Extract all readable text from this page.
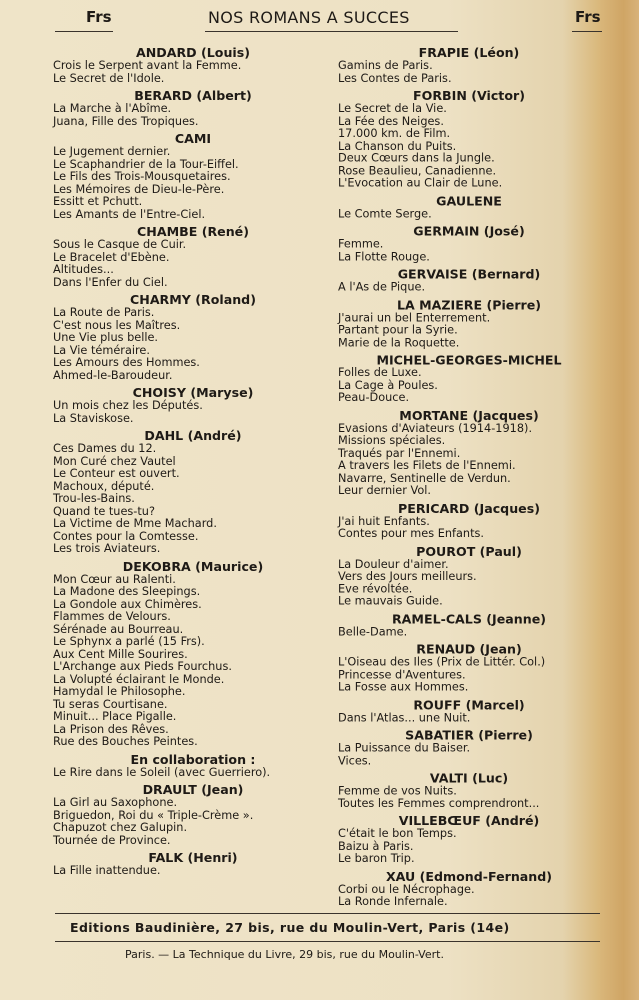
Frs	NOS ROMANS A SUCCES	Frs
ANDARD (Louis)
Crois le Serpent avant la Femme.
Le Secret de l'Idole.
BERARD (Albert)
La Marche à l'Abîme.
Juana, Fille des Tropiques.
CAMI
Le Jugement dernier.
Le Scaphandrier de la Tour-Eiffel.
Le Fils des Trois-Mousquetaires.
Les Mémoires de Dieu-le-Père.
Essitt et Pchutt.
Les Amants de l'Entre-Ciel.
CHAMBE (René)
Sous le Casque de Cuir.
Le Bracelet d'Ebène.
Altitudes...
Dans l'Enfer du Ciel.
CHARMY (Roland)
La Route de Paris.
C'est nous les Maîtres.
Une Vie plus belle.
La Vie téméraire.
Les Amours des Hommes.
Ahmed-le-Baroudeur.
CHOISY (Maryse)
Un mois chez les Députés.
La Staviskose.
DAHL (André)
Ces Dames du 12.
Mon Curé chez Vautel
Le Conteur est ouvert.
Machoux, député.
Trou-les-Bains.
Quand te tues-tu?
La Victime de Mme Machard.
Contes pour la Comtesse.
Les trois Aviateurs.
DEKOBRA (Maurice)
Mon Cœur au Ralenti.
La Madone des Sleepings.
La Gondole aux Chimères.
Flammes de Velours.
Sérénade au Bourreau.
Le Sphynx a parlé (15 Frs).
Aux Cent Mille Sourires.
L'Archange aux Pieds Fourchus.
La Volupté éclairant le Monde.
Hamydal le Philosophe.
Tu seras Courtisane.
Minuit... Place Pigalle.
La Prison des Rêves.
Rue des Bouches Peintes.
En collaboration :
Le Rire dans le Soleil (avec Guerriero).
DRAULT (Jean)
La Girl au Saxophone.
Briguedon, Roi du « Triple-Crème ».
Chapuzot chez Galupin.
Tournée de Province.
FALK (Henri)
La Fille inattendue.
FRAPIE (Léon)
Gamins de Paris.
Les Contes de Paris.
FORBIN (Victor)
Le Secret de la Vie.
La Fée des Neiges.
17.000 km. de Film.
La Chanson du Puits.
Deux Cœurs dans la Jungle.
Rose Beaulieu, Canadienne.
L'Evocation au Clair de Lune.
GAULENE
Le Comte Serge.
GERMAIN (José)
Femme.
La Flotte Rouge.
GERVAISE (Bernard)
A l'As de Pique.
LA MAZIERE (Pierre)
J'aurai un bel Enterrement.
Partant pour la Syrie.
Marie de la Roquette.
MICHEL-GEORGES-MICHEL
Folles de Luxe.
La Cage à Poules.
Peau-Douce.
MORTANE (Jacques)
Evasions d'Aviateurs (1914-1918).
Missions spéciales.
Traqués par l'Ennemi.
A travers les Filets de l'Ennemi.
Navarre, Sentinelle de Verdun.
Leur dernier Vol.
PERICARD (Jacques)
J'ai huit Enfants.
Contes pour mes Enfants.
POUROT (Paul)
La Douleur d'aimer.
Vers des Jours meilleurs.
Eve révoltée.
Le mauvais Guide.
RAMEL-CALS (Jeanne)
Belle-Dame.
RENAUD (Jean)
L'Oiseau des Iles (Prix de Littér. Col.)
Princesse d'Aventures.
La Fosse aux Hommes.
ROUFF (Marcel)
Dans l'Atlas... une Nuit.
SABATIER (Pierre)
La Puissance du Baiser.
Vices.
VALTI (Luc)
Femme de vos Nuits.
Toutes les Femmes comprendront...
VILLEBŒUF (André)
C'était le bon Temps.
Baizu à Paris.
Le baron Trip.
XAU (Edmond-Fernand)
Corbi ou le Nécrophage.
La Ronde Infernale.
Editions Baudinière, 27 bis, rue du Moulin-Vert, Paris (14e)
Paris. — La Technique du Livre, 29 bis, rue du Moulin-Vert.
